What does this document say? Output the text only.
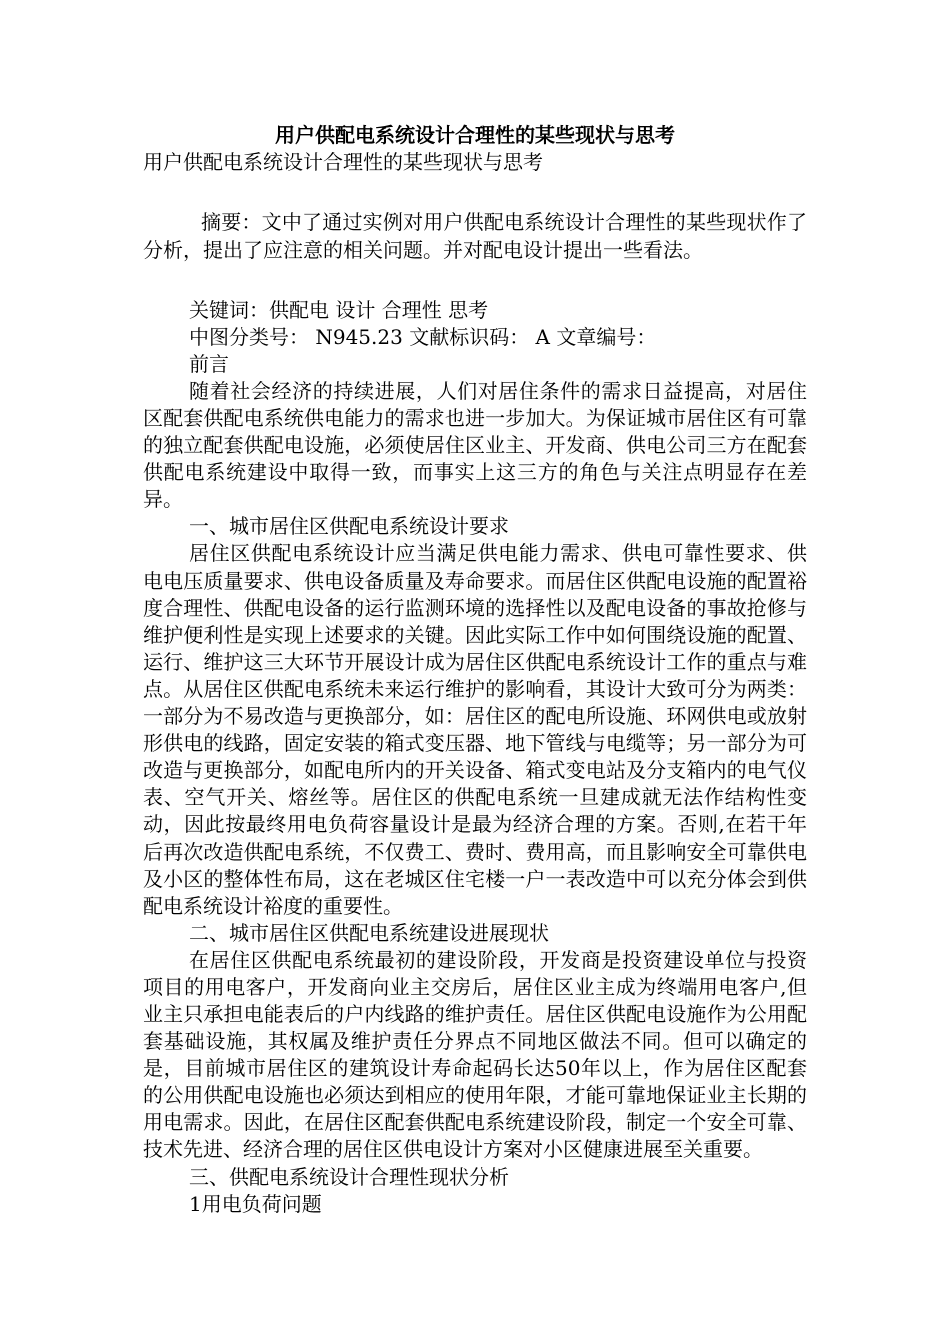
用户供配电系统设计合理性的某些现状与思考

用户供配电系统设计合理性的某些现状与思考

摘要：文中了通过实例对用户供配电系统设计合理性的某些现状作了分析，提出了应注意的相关问题。并对配电设计提出一些看法。

关键词：供配电 设计 合理性 思考

中图分类号： N945.23 文献标识码： A 文章编号：

前言

随着社会经济的持续进展，人们对居住条件的需求日益提高，对居住区配套供配电系统供电能力的需求也进一步加大。为保证城市居住区有可靠的独立配套供配电设施，必须使居住区业主、开发商、供电公司三方在配套供配电系统建设中取得一致，而事实上这三方的角色与关注点明显存在差异。

一、城市居住区供配电系统设计要求

居住区供配电系统设计应当满足供电能力需求、供电可靠性要求、供电电压质量要求、供电设备质量及寿命要求。而居住区供配电设施的配置裕度合理性、供配电设备的运行监测环境的选择性以及配电设备的事故抢修与维护便利性是实现上述要求的关键。因此实际工作中如何围绕设施的配置、运行、维护这三大环节开展设计成为居住区供配电系统设计工作的重点与难点。从居住区供配电系统未来运行维护的影响看，其设计大致可分为两类：一部分为不易改造与更换部分，如：居住区的配电所设施、环网供电或放射形供电的线路，固定安装的箱式变压器、地下管线与电缆等；另一部分为可改造与更换部分，如配电所内的开关设备、箱式变电站及分支箱内的电气仪表、空气开关、熔丝等。居住区的供配电系统一旦建成就无法作结构性变动，因此按最终用电负荷容量设计是最为经济合理的方案。否则,在若干年后再次改造供配电系统，不仅费工、费时、费用高，而且影响安全可靠供电及小区的整体性布局，这在老城区住宅楼一户一表改造中可以充分体会到供配电系统设计裕度的重要性。

二、城市居住区供配电系统建设进展现状

在居住区供配电系统最初的建设阶段，开发商是投资建设单位与投资项目的用电客户，开发商向业主交房后，居住区业主成为终端用电客户,但业主只承担电能表后的户内线路的维护责任。居住区供配电设施作为公用配套基础设施，其权属及维护责任分界点不同地区做法不同。但可以确定的是，目前城市居住区的建筑设计寿命起码长达50年以上，作为居住区配套的公用供配电设施也必须达到相应的使用年限，才能可靠地保证业主长期的用电需求。因此，在居住区配套供配电系统建设阶段，制定一个安全可靠、技术先进、经济合理的居住区供电设计方案对小区健康进展至关重要。

三、供配电系统设计合理性现状分析

1用电负荷问题
